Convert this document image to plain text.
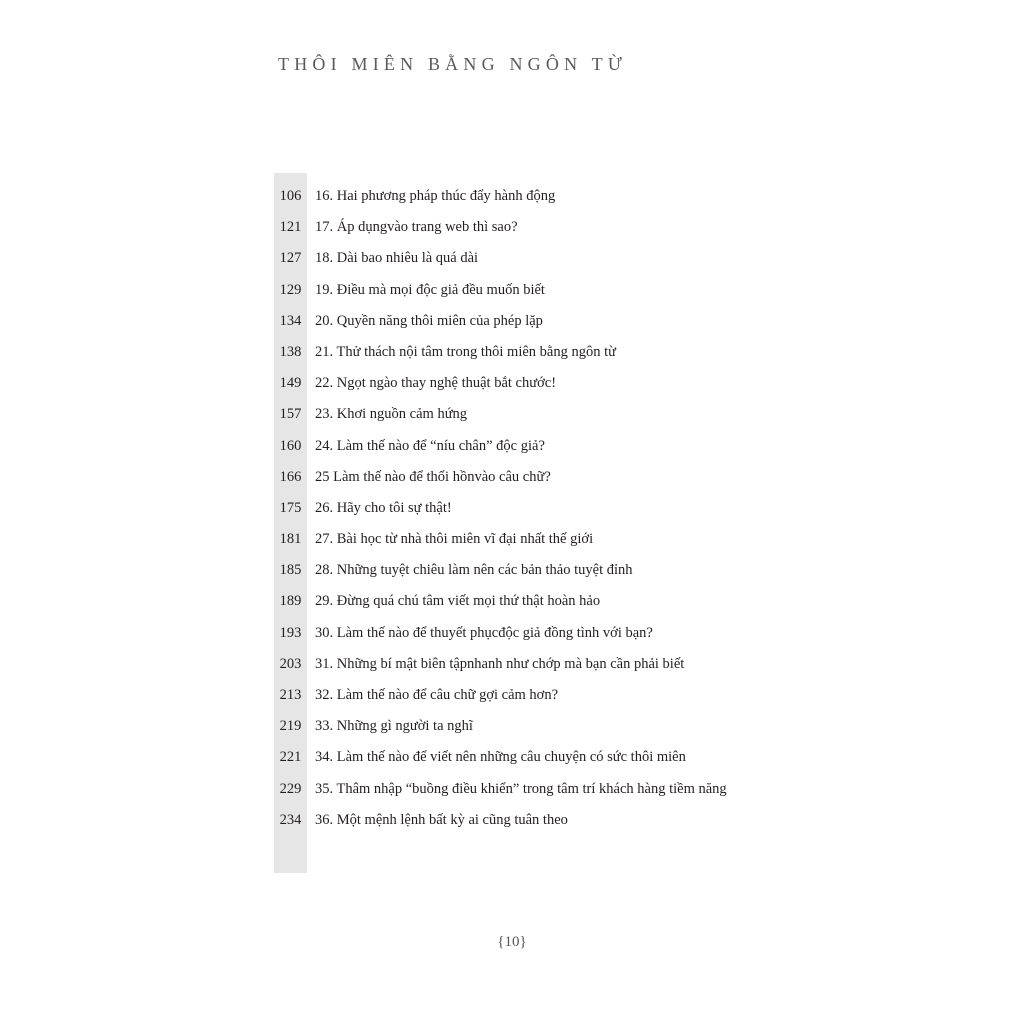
THÔI MIÊN BẰNG NGÔN TỪ
106 16. Hai phương pháp thúc đẩy hành động
121 17. Áp dụngvào trang web thì sao?
127 18. Dài bao nhiêu là quá dài
129 19. Điều mà mọi độc giả đều muốn biết
134 20. Quyền năng thôi miên của phép lặp
138 21. Thử thách nội tâm trong thôi miên bằng ngôn từ
149 22. Ngọt ngào thay nghệ thuật bắt chước!
157 23. Khơi nguồn cảm hứng
160 24. Làm thế nào để “níu chân” độc giả?
166 25 Làm thế nào để thổi hồnvào câu chữ?
175 26. Hãy cho tôi sự thật!
181 27. Bài học từ nhà thôi miên vĩ đại nhất thế giới
185 28. Những tuyệt chiêu làm nên các bản thảo tuyệt đỉnh
189 29. Đừng quá chú tâm viết mọi thứ thật hoàn hảo
193 30. Làm thế nào để thuyết phụcđộc giả đồng tình với bạn?
203 31. Những bí mật biên tậpnhanh như chớp mà bạn cần phải biết
213 32. Làm thế nào để câu chữ gợi cảm hơn?
219 33. Những gì người ta nghĩ
221 34. Làm thế nào để viết nên những câu chuyện có sức thôi miên
229 35. Thâm nhập “buồng điều khiển” trong tâm trí khách hàng tiềm năng
234 36. Một mệnh lệnh bất kỳ ai cũng tuân theo
{10}
